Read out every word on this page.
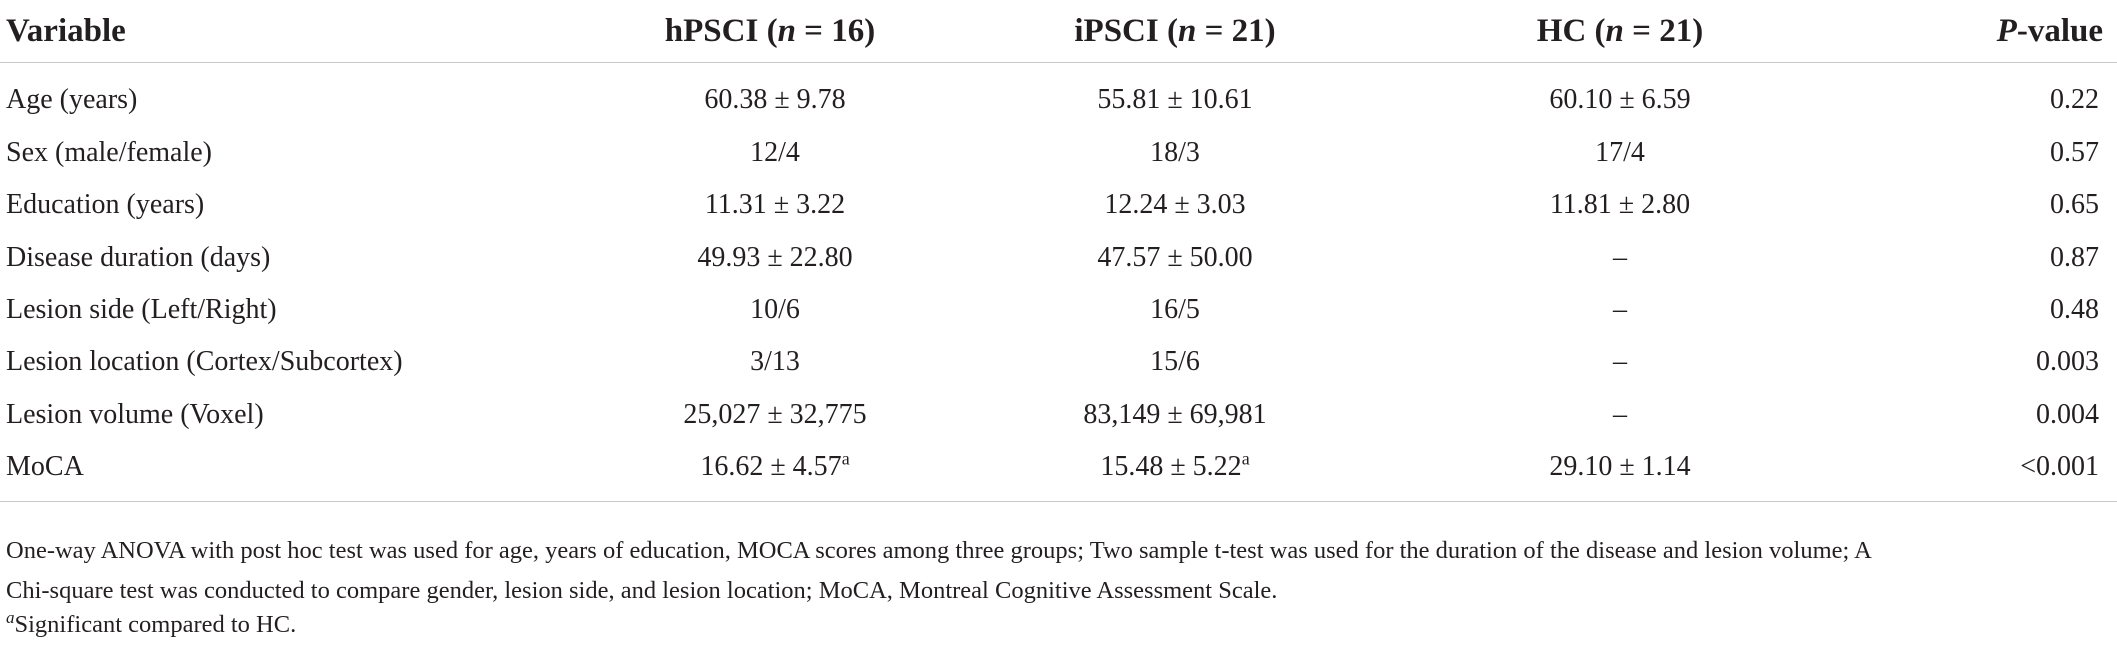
Variable	hPSCI (n = 16)	iPSCI (n = 21)	HC (n = 21)	P-value
Age (years)	60.38 ± 9.78	55.81 ± 10.61	60.10 ± 6.59	0.22
Sex (male/female)	12/4	18/3	17/4	0.57
Education (years)	11.31 ± 3.22	12.24 ± 3.03	11.81 ± 2.80	0.65
Disease duration (days)	49.93 ± 22.80	47.57 ± 50.00	–	0.87
Lesion side (Left/Right)	10/6	16/5	–	0.48
Lesion location (Cortex/Subcortex)	3/13	15/6	–	0.003
Lesion volume (Voxel)	25,027 ± 32,775	83,149 ± 69,981	–	0.004
MoCA	16.62 ± 4.57$^a$	15.48 ± 5.22$^a$	29.10 ± 1.14	<0.001
One-way ANOVA with post hoc test was used for age, years of education, MOCA scores among three groups; Two sample t-test was used for the duration of the disease and lesion volume; A
Chi-square test was conducted to compare gender, lesion side, and lesion location; MoCA, Montreal Cognitive Assessment Scale.
$^a$Significant compared to HC.
